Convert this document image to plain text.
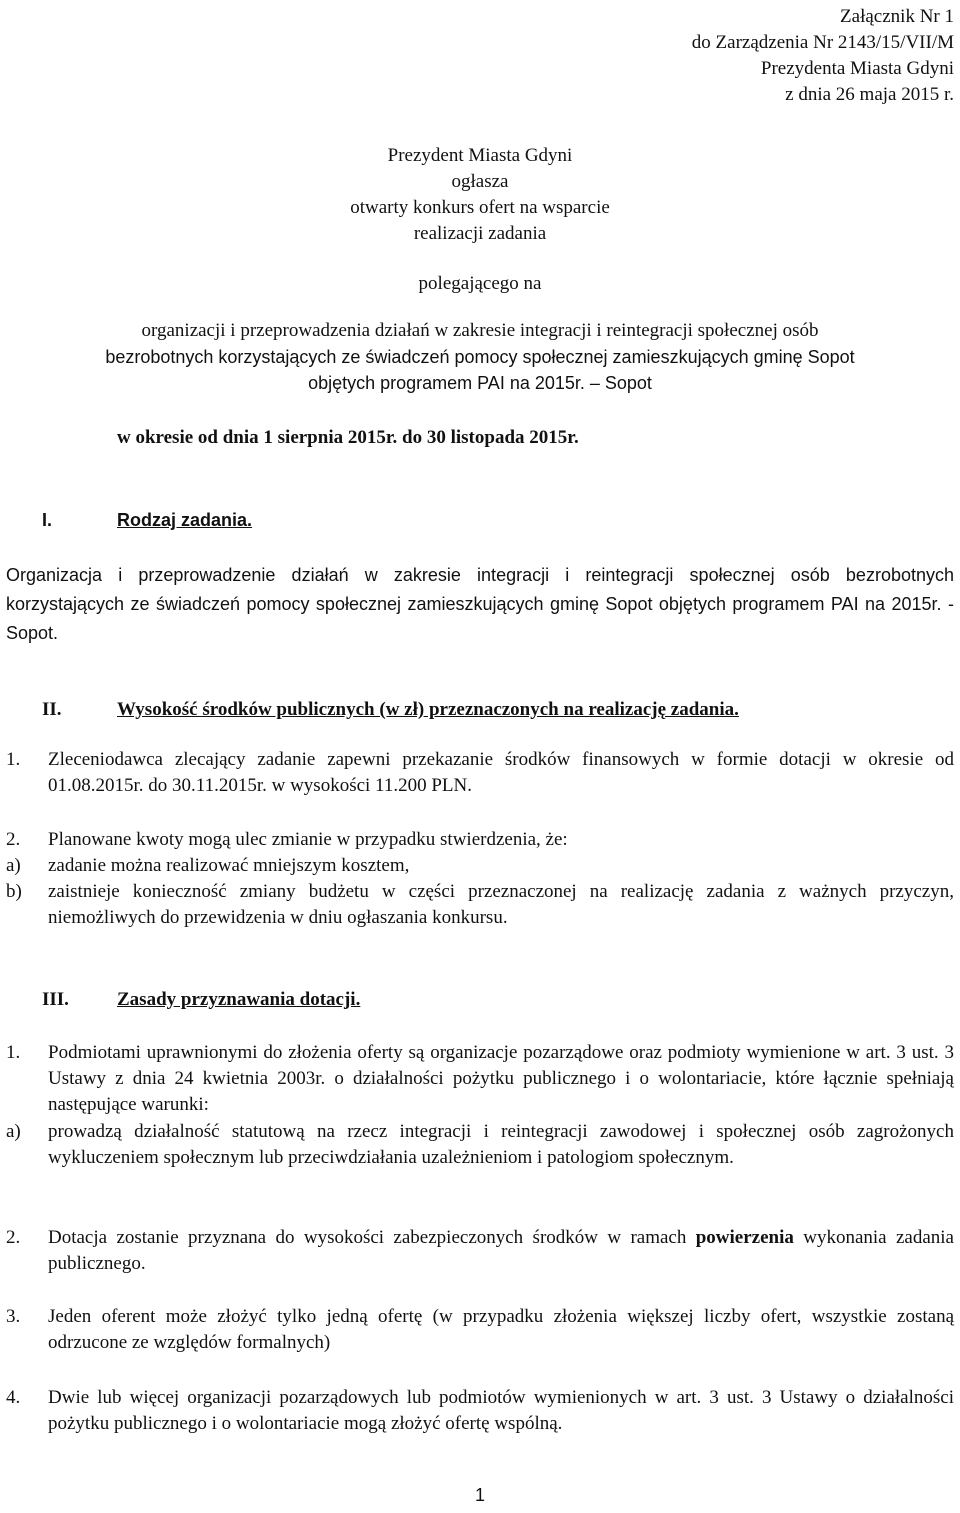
Załącznik Nr 1
do Zarządzenia Nr 2143/15/VII/M
Prezydenta Miasta Gdyni
z dnia 26 maja 2015 r.
Prezydent Miasta Gdyni
ogłasza
otwarty konkurs ofert na wsparcie
realizacji zadania
polegającego na
organizacji i przeprowadzenia działań w zakresie integracji i reintegracji społecznej osób
bezrobotnych korzystających ze świadczeń pomocy społecznej zamieszkujących gminę Sopot
objętych programem PAI na 2015r. – Sopot
w okresie od dnia 1 sierpnia 2015r. do 30 listopada 2015r.
I.	Rodzaj zadania.
Organizacja i przeprowadzenie działań w zakresie integracji i reintegracji społecznej osób bezrobotnych korzystających ze świadczeń pomocy społecznej zamieszkujących gminę Sopot objętych programem PAI na 2015r. - Sopot.
II.	Wysokość środków publicznych (w zł) przeznaczonych na realizację zadania.
1. Zleceniodawca zlecający zadanie zapewni przekazanie środków finansowych w formie dotacji w okresie od 01.08.2015r. do 30.11.2015r. w wysokości 11.200 PLN.
2. Planowane kwoty mogą ulec zmianie w przypadku stwierdzenia, że:
a) zadanie można realizować mniejszym kosztem,
b) zaistnieje konieczność zmiany budżetu w części przeznaczonej na realizację zadania z ważnych przyczyn, niemożliwych do przewidzenia w dniu ogłaszania konkursu.
III.	Zasady przyznawania dotacji.
1. Podmiotami uprawnionymi do złożenia oferty są organizacje pozarządowe oraz podmioty wymienione w art. 3 ust. 3 Ustawy z dnia 24 kwietnia 2003r. o działalności pożytku publicznego i o wolontariacie, które łącznie spełniają następujące warunki:
a) prowadzą działalność statutową na rzecz integracji i reintegracji zawodowej i społecznej osób zagrożonych wykluczeniem społecznym lub przeciwdziałania uzależnieniom i patologiom społecznym.
2. Dotacja zostanie przyznana do wysokości zabezpieczonych środków w ramach powierzenia wykonania zadania publicznego.
3. Jeden oferent może złożyć tylko jedną ofertę (w przypadku złożenia większej liczby ofert, wszystkie zostaną odrzucone ze względów formalnych)
4. Dwie lub więcej organizacji pozarządowych lub podmiotów wymienionych w art. 3 ust. 3 Ustawy o działalności pożytku publicznego i o wolontariacie mogą złożyć ofertę wspólną.
1
